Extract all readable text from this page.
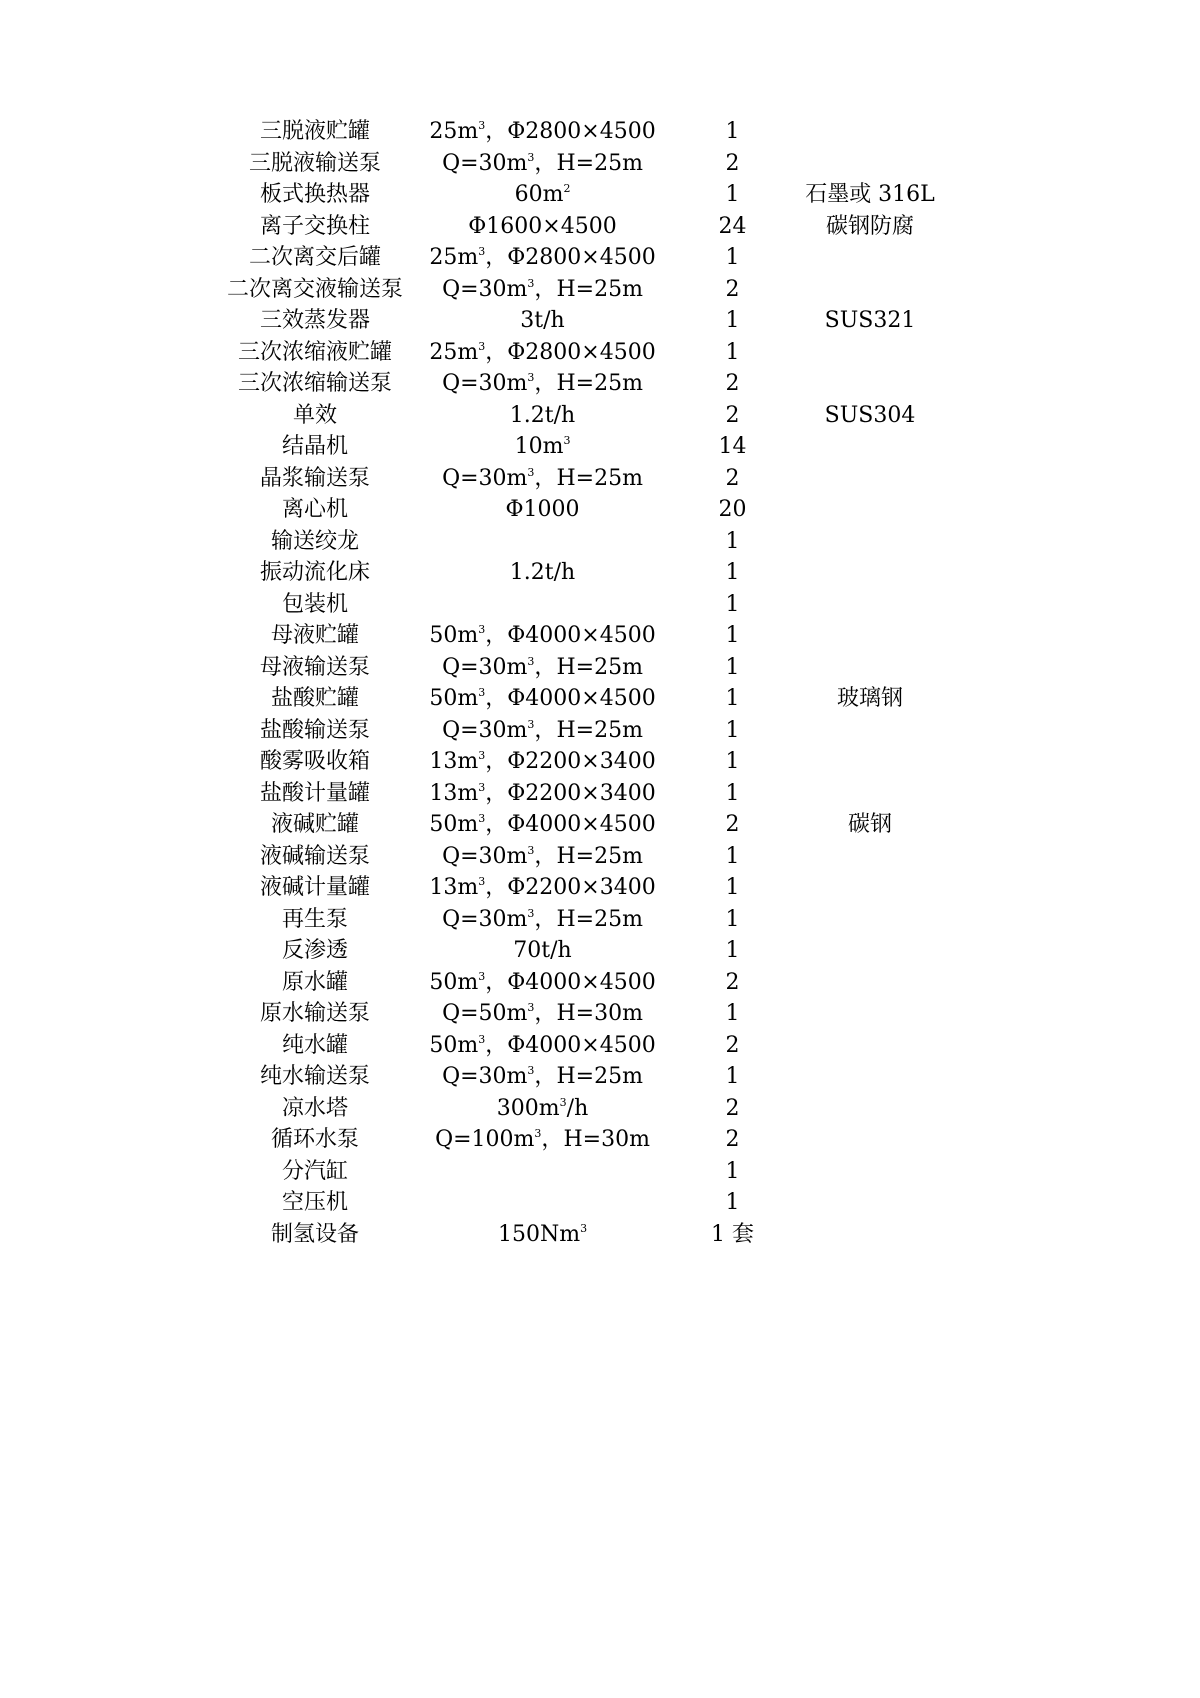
三脱液贮罐	$25m^3$，Φ2800×4500	1	
三脱液输送泵	$Q=30m^3$，H=25m	2	
板式换热器	$60m^2$	1	石墨或 316L
离子交换柱	Φ1600×4500	24	碳钢防腐
二次离交后罐	$25m^3$，Φ2800×4500	1	
二次离交液输送泵	$Q=30m^3$，H=25m	2	
三效蒸发器	3t/h	1	SUS321
三次浓缩液贮罐	$25m^3$，Φ2800×4500	1	
三次浓缩输送泵	$Q=30m^3$，H=25m	2	
单效	1.2t/h	2	SUS304
结晶机	$10m^3$	14	
晶浆输送泵	$Q=30m^3$，H=25m	2	
离心机	Φ1000	20	
输送绞龙		1	
振动流化床	1.2t/h	1	
包装机		1	
母液贮罐	$50m^3$，Φ4000×4500	1	
母液输送泵	$Q=30m^3$，H=25m	1	
盐酸贮罐	$50m^3$，Φ4000×4500	1	玻璃钢
盐酸输送泵	$Q=30m^3$，H=25m	1	
酸雾吸收箱	$13m^3$，Φ2200×3400	1	
盐酸计量罐	$13m^3$，Φ2200×3400	1	
液碱贮罐	$50m^3$，Φ4000×4500	2	碳钢
液碱输送泵	$Q=30m^3$，H=25m	1	
液碱计量罐	$13m^3$，Φ2200×3400	1	
再生泵	$Q=30m^3$，H=25m	1	
反渗透	70t/h	1	
原水罐	$50m^3$，Φ4000×4500	2	
原水输送泵	$Q=50m^3$，H=30m	1	
纯水罐	$50m^3$，Φ4000×4500	2	
纯水输送泵	$Q=30m^3$，H=25m	1	
凉水塔	$300m^3/h$	2	
循环水泵	$Q=100m^3$，H=30m	2	
分汽缸		1	
空压机		1	
制氢设备	150Nm$^3$	1 套	
